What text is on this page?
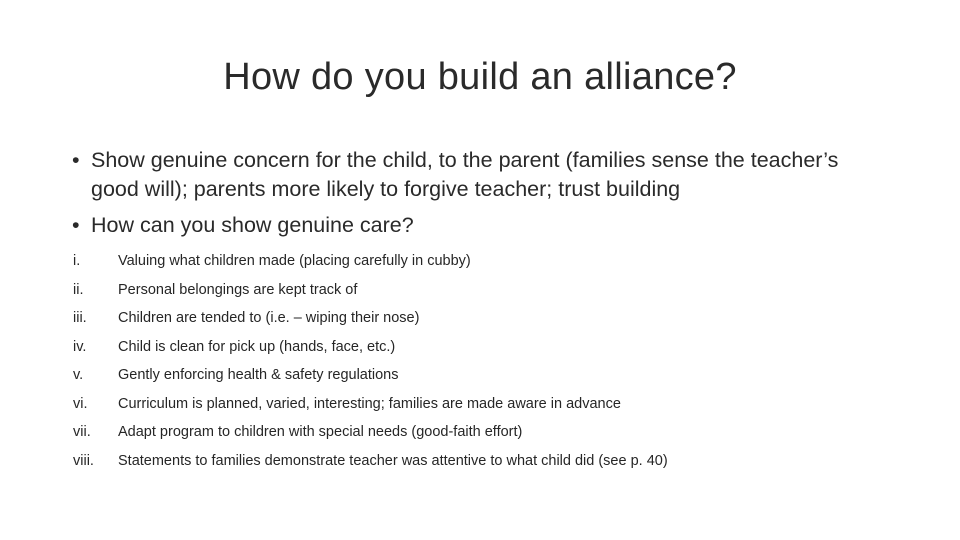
How do you build an alliance?
• Show genuine concern for the child, to the parent (families sense the teacher’s good will); parents more likely to forgive teacher; trust building
• How can you show genuine care?
i.	Valuing what children made (placing carefully in cubby)
ii.	Personal belongings are kept track of
iii.	Children are tended to (i.e. – wiping their nose)
iv.	Child is clean for pick up (hands, face, etc.)
v.	Gently enforcing health & safety regulations
vi.	Curriculum is planned, varied, interesting; families are made aware in advance
vii.	Adapt program to children with special needs (good-faith effort)
viii.	Statements to families demonstrate teacher was attentive to what child did (see p. 40)
